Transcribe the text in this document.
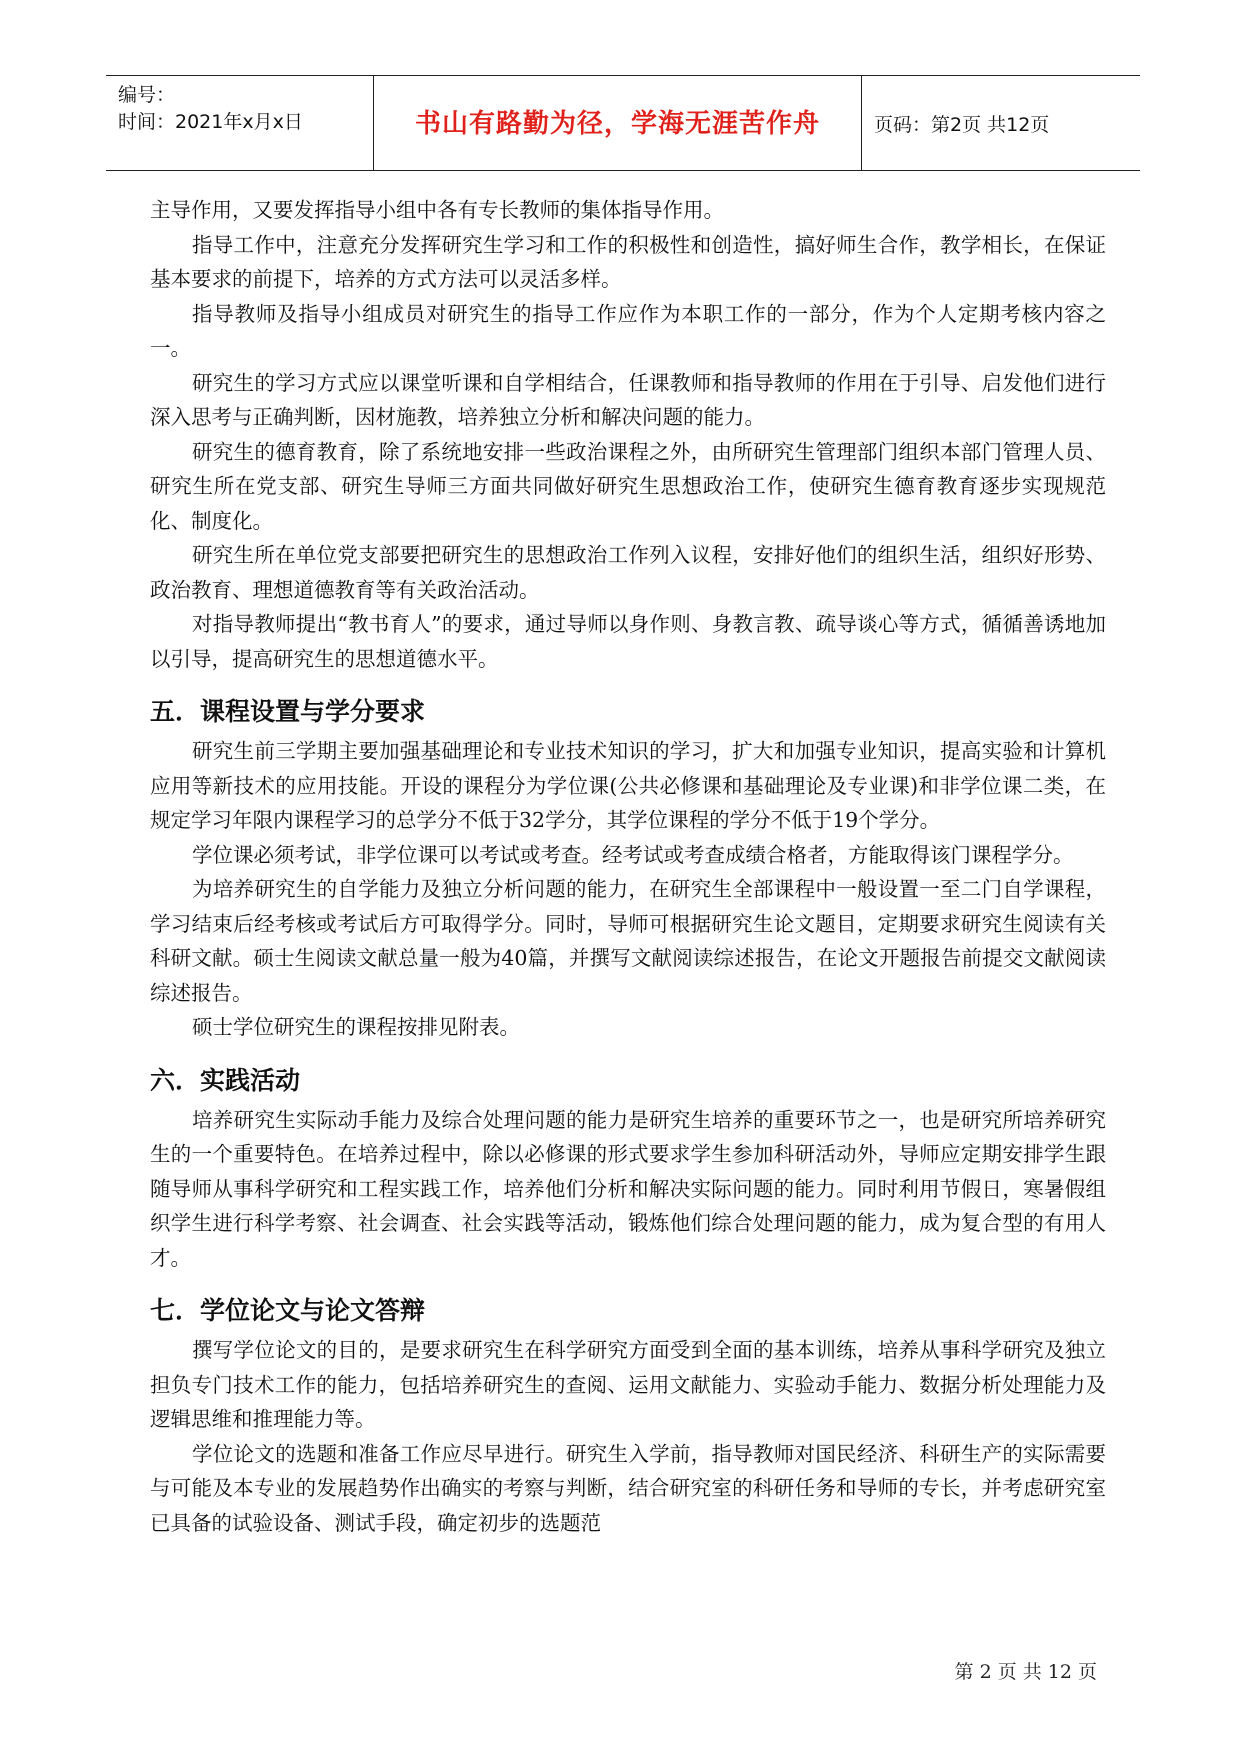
编号：
时间：2021年x月x日	书山有路勤为径，学海无涯苦作舟	页码：第2页 共12页

主导作用，又要发挥指导小组中各有专长教师的集体指导作用。

指导工作中，注意充分发挥研究生学习和工作的积极性和创造性，搞好师生合作，教学相长，在保证基本要求的前提下，培养的方式方法可以灵活多样。

指导教师及指导小组成员对研究生的指导工作应作为本职工作的一部分，作为个人定期考核内容之一。

研究生的学习方式应以课堂听课和自学相结合，任课教师和指导教师的作用在于引导、启发他们进行深入思考与正确判断，因材施教，培养独立分析和解决问题的能力。

研究生的德育教育，除了系统地安排一些政治课程之外，由所研究生管理部门组织本部门管理人员、研究生所在党支部、研究生导师三方面共同做好研究生思想政治工作，使研究生德育教育逐步实现规范化、制度化。

研究生所在单位党支部要把研究生的思想政治工作列入议程，安排好他们的组织生活，组织好形势、政治教育、理想道德教育等有关政治活动。

对指导教师提出“教书育人”的要求，通过导师以身作则、身教言教、疏导谈心等方式，循循善诱地加以引导，提高研究生的思想道德水平。

五．课程设置与学分要求

研究生前三学期主要加强基础理论和专业技术知识的学习，扩大和加强专业知识，提高实验和计算机应用等新技术的应用技能。开设的课程分为学位课(公共必修课和基础理论及专业课)和非学位课二类，在规定学习年限内课程学习的总学分不低于32学分，其学位课程的学分不低于19个学分。

学位课必须考试，非学位课可以考试或考查。经考试或考查成绩合格者，方能取得该门课程学分。

为培养研究生的自学能力及独立分析问题的能力，在研究生全部课程中一般设置一至二门自学课程，学习结束后经考核或考试后方可取得学分。同时，导师可根据研究生论文题目，定期要求研究生阅读有关科研文献。硕士生阅读文献总量一般为40篇，并撰写文献阅读综述报告，在论文开题报告前提交文献阅读综述报告。

硕士学位研究生的课程按排见附表。

六．实践活动

培养研究生实际动手能力及综合处理问题的能力是研究生培养的重要环节之一，也是研究所培养研究生的一个重要特色。在培养过程中，除以必修课的形式要求学生参加科研活动外，导师应定期安排学生跟随导师从事科学研究和工程实践工作，培养他们分析和解决实际问题的能力。同时利用节假日，寒暑假组织学生进行科学考察、社会调查、社会实践等活动，锻炼他们综合处理问题的能力，成为复合型的有用人才。

七．学位论文与论文答辩

撰写学位论文的目的，是要求研究生在科学研究方面受到全面的基本训练，培养从事科学研究及独立担负专门技术工作的能力，包括培养研究生的查阅、运用文献能力、实验动手能力、数据分析处理能力及逻辑思维和推理能力等。

学位论文的选题和准备工作应尽早进行。研究生入学前，指导教师对国民经济、科研生产的实际需要与可能及本专业的发展趋势作出确实的考察与判断，结合研究室的科研任务和导师的专长，并考虑研究室已具备的试验设备、测试手段，确定初步的选题范

第 2 页 共 12 页
